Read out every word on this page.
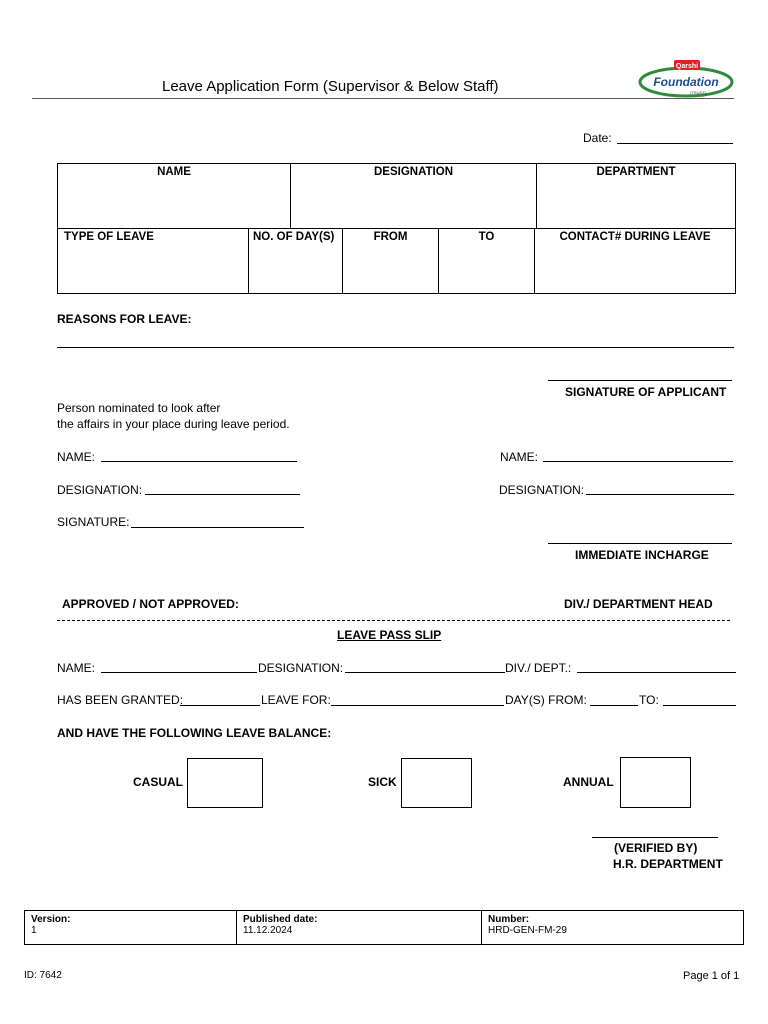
Leave Application Form (Supervisor & Below Staff)
Qarshi
Foundation
(TRUST)
Date:
NAME	DESIGNATION	DEPARTMENT
TYPE OF LEAVE	NO. OF DAY(S)	FROM	TO	CONTACT# DURING LEAVE
REASONS FOR LEAVE:
SIGNATURE OF APPLICANT
Person nominated to look after
the affairs in your place during leave period.
NAME:
DESIGNATION:
SIGNATURE:
NAME:
DESIGNATION:
IMMEDIATE INCHARGE
APPROVED / NOT APPROVED:	DIV./ DEPARTMENT HEAD
LEAVE PASS SLIP
NAME:	DESIGNATION:	DIV./ DEPT.:
HAS BEEN GRANTED:	LEAVE FOR:	DAY(S) FROM:	TO:
AND HAVE THE FOLLOWING LEAVE BALANCE:
CASUAL	SICK	ANNUAL
(VERIFIED BY)
H.R. DEPARTMENT
Version:
1

Published date:
11.12.2024

Number:
HRD-GEN-FM-29
ID: 7642	Page 1 of 1
